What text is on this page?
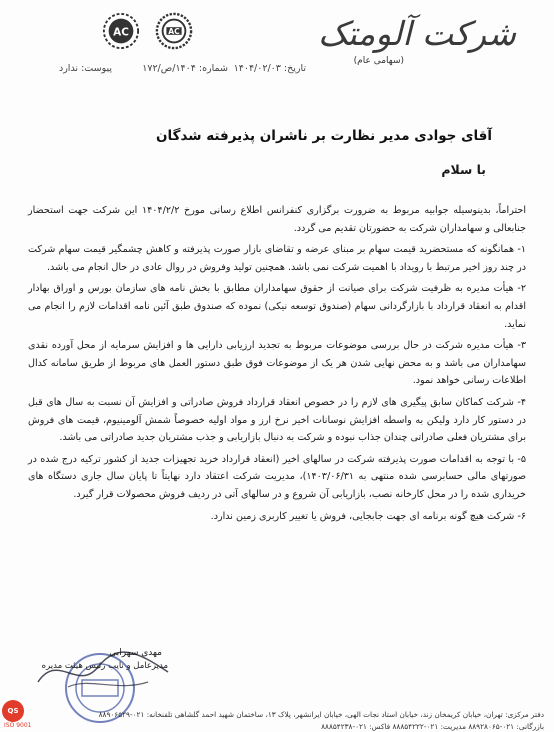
شرکت آلومتک
(سهامی عام)
AC	AC
تاریخ: ۱۴۰۴/۰۲/۰۳
شماره: ۱۴۰۴/ص/۱۷۲
پیوست: ندارد
آقای جوادی مدیر نظارت بر ناشران پذیرفته شدگان
با سلام

احتراماً، بدینوسیله جوابیه مربوط به ضرورت برگزاری کنفرانس اطلاع رسانی مورخ ۱۴۰۴/۲/۲ این شرکت جهت استحضار جنابعالی و سهامداران شرکت به حضورتان تقدیم می گردد.

۱- همانگونه که مستحضرید قیمت سهام بر مبنای عرضه و تقاضای بازار صورت پذیرفته و کاهش چشمگیر قیمت سهام شرکت در چند روز اخیر مرتبط با رویداد با اهمیت شرکت نمی باشد. همچنین تولید وفروش در روال عادی در حال انجام می باشد.

۲- هیأت مدیره به ظرفیت شرکت برای صیانت از حقوق سهامداران مطابق با بخش نامه های سازمان بورس و اوراق بهادار اقدام به انعقاد قرارداد با بازارگردانی سهام (صندوق توسعه نیکی) نموده که صندوق طبق آئین نامه اقدامات لازم را انجام می نماید.

۳- هیأت مدیره شرکت در حال بررسی موضوعات مربوط به تجدید ارزیابی دارایی ها و افزایش سرمایه از محل آورده نقدی سهامداران می باشد و به محض نهایی شدن هر یک از موضوعات فوق طبق دستور العمل های مربوط از طریق سامانه کدال اطلاعات رسانی خواهد نمود.

۴- شرکت کماکان سابق پیگیری های لازم را در خصوص انعقاد قرارداد فروش صادراتی و افزایش آن نسبت به سال های قبل در دستور کار دارد ولیکن به واسطه افزایش نوسانات اخیر نرخ ارز و مواد اولیه خصوصاً شمش آلومینیوم، قیمت های فروش برای مشتریان فعلی صادراتی چندان جذاب نبوده و شرکت به دنبال بازاریابی و جذب مشتریان جدید صادراتی می باشد.

۵- با توجه به اقدامات صورت پذیرفته شرکت در سالهای اخیر (انعقاد قرارداد خرید تجهیزات جدید از کشور ترکیه درج شده در صورتهای مالی حسابرسی شده منتهی به ۱۴۰۳/۰۶/۳۱)، مدیریت شرکت اعتقاد دارد نهایتاً تا پایان سال جاری دستگاه های خریداری شده را در محل کارخانه نصب، بازاریابی آن شروع و در سالهای آتی در ردیف فروش محصولات قرار گیرد.

۶- شرکت هیچ گونه برنامه ای جهت جابجایی، فروش یا تغییر کاربری زمین ندارد.

مهدی سهرابی
مدیرعامل و نایب رئیس هیئت مدیره
دفتر مرکزی: تهران، خیابان کریمخان زند، خیابان استاد نجات الهی، خیابان ایرانشهر، پلاک ۱۳، ساختمان شهید احمد گلشاهی تلفنخانه: ۰۲۱-۸۸۹۰۶۵۲۹
بازرگانی: ۰۲۱-۸۸۹۲۸۰۶۵ مدیریت: ۰۲۱-۸۸۸۵۴۲۲۲ فاکس: ۰۲۱-۸۸۸۵۴۲۳۸
QS
ISO 9001
